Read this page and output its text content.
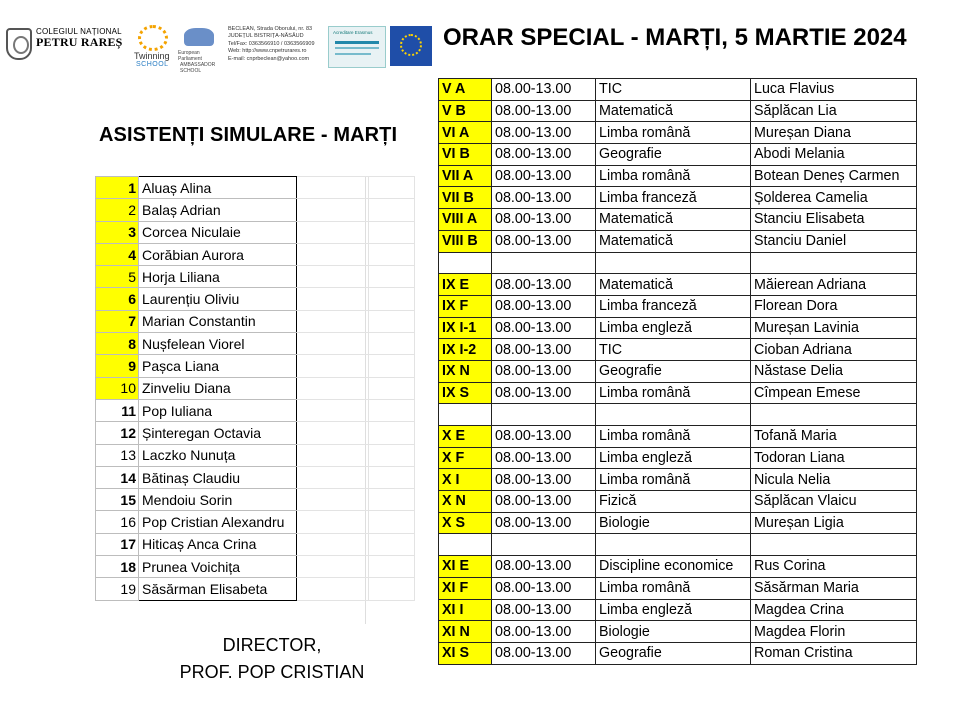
COLEGIUL NAȚIONAL
PETRU RAREȘ
Twinning
SCHOOL
European Parliament
AMBASSADOR SCHOOL
BECLEAN, Strada Oborului, nr. 83
JUDEȚUL BISTRIȚA-NĂSĂUD
Tel/Fax: 0363566910 / 0363566909
Web: http://www.cnpetrurares.ro
E-mail: cnprbeclean@yahoo.com
Acreditare Erasmus
ASISTENȚI SIMULARE - MARȚI
1	Aluaș Alina		
2	Balaș Adrian		
3	Corcea Niculaie		
4	Corăbian Aurora		
5	Horja Liliana		
6	Laurențiu Oliviu		
7	Marian Constantin		
8	Nușfelean Viorel		
9	Pașca Liana		
10	Zinveliu Diana		
11	Pop Iuliana		
12	Șinteregan Octavia		
13	Laczko Nunuța		
14	Bătinaș Claudiu		
15	Mendoiu Sorin		
16	Pop Cristian Alexandru		
17	Hiticaș Anca Crina		
18	Prunea Voichița		
19	Săsărman Elisabeta		
DIRECTOR,
PROF. POP CRISTIAN
ORAR SPECIAL - MARȚI, 5 MARTIE 2024
V A	08.00-13.00	TIC	Luca Flavius
V B	08.00-13.00	Matematică	Săplăcan Lia
VI A	08.00-13.00	Limba română	Mureșan Diana
VI B	08.00-13.00	Geografie	Abodi Melania
VII A	08.00-13.00	Limba română	Botean Deneș Carmen
VII B	08.00-13.00	Limba franceză	Șolderea Camelia
VIII A	08.00-13.00	Matematică	Stanciu Elisabeta
VIII B	08.00-13.00	Matematică	Stanciu Daniel

IX E	08.00-13.00	Matematică	Măierean Adriana
IX F	08.00-13.00	Limba franceză	Florean Dora
IX I-1	08.00-13.00	Limba engleză	Mureșan Lavinia
IX I-2	08.00-13.00	TIC	Cioban Adriana
IX N	08.00-13.00	Geografie	Năstase Delia
IX S	08.00-13.00	Limba română	Cîmpean Emese

X E	08.00-13.00	Limba română	Tofană Maria
X F	08.00-13.00	Limba engleză	Todoran Liana
X I	08.00-13.00	Limba română	Nicula Nelia
X N	08.00-13.00	Fizică	Săplăcan Vlaicu
X S	08.00-13.00	Biologie	Mureșan Ligia

XI E	08.00-13.00	Discipline economice	Rus Corina
XI F	08.00-13.00	Limba română	Săsărman Maria
XI I	08.00-13.00	Limba engleză	Magdea Crina
XI N	08.00-13.00	Biologie	Magdea Florin
XI S	08.00-13.00	Geografie	Roman Cristina
